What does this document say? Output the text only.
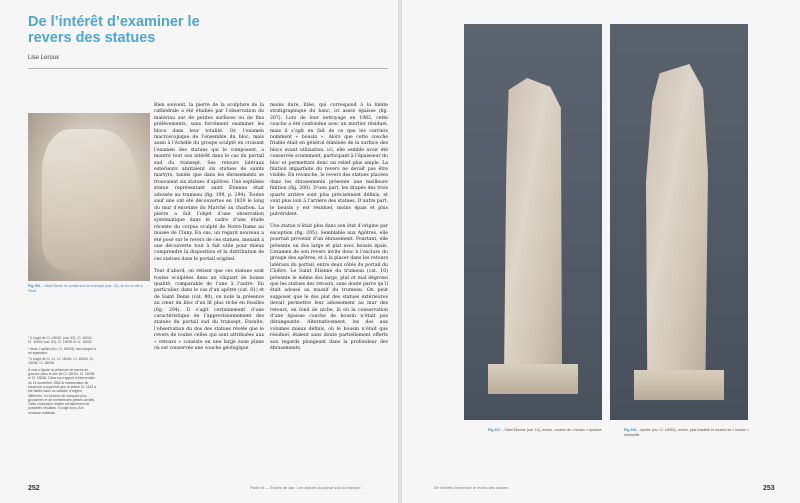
De l’intérêt d’examiner le revers des statues
Lise Leroux
Fig 206 – Saint Denis du portail sud du transept (cat. 10), île de la cité à Paris.

* Il s’agit de Cl. 18040, (cat. 62), Cl. 18041, Cl. 18042 (cat. 63), Cl. 18033 et Cl. 18032.

* Ainsi, l’apôtre (inv. Cl. 18053), est marqué à mi-épaisseur.

* Il s’agit de Cl. 11, Cl. 18044, Cl. 18034, Cl. 18035, Cl. 18036.

À cela s’ajoute la présence de traces de gravure dans le dos de Cl. 18034, Cl. 18035 et Cl. 18036. Dans son rapport d’intervention du 11 novembre 1982 le restaurateur de sculpture a supprimé que la statue Cl. 1133 a été taillée dans un calcaire d’origine différente, en fonction de marques plus grossières et de nombreuses petites cavités. Cette conclusion réalise certainement de possibles résultats. Il s’agit donc d’un nouveau matériau.

Bien souvent, la pierre de la sculpture de la cathédrale a été étudiée par l’observation du matériau sur de petites surfaces ou de fins prélèvements, sans forcément examiner les blocs dans leur totalité. Or, l’examen macroscopique de l’ensemble du bloc, mais aussi à l’échelle du groupe sculpté en croisant l’examen des statues qui le composent, a montré tout son intérêt dans le cas du portail sud du transept. Ses retours latéraux extérieurs abritaient six statues de saints martyrs, tandis que dans les ébrasements se trouvaient six statues d’apôtres. Une septième statue représentant saint Étienne était adossée au trumeau (fig. 199, p. 294). Toutes sauf une ont été découvertes en 1839 le long du mur d’enceinte du Marché au charbon. La pierre a fait l’objet d’une observation systématique dans le cadre d’une étude récente du corpus sculpté de Notre-Dame au musée de Cluny. En sus, un regard nouveau a été posé sur le revers de ces statues, menant à une découverte tout à fait utile pour mieux comprendre la disposition et la distribution de ces statues dans le portail originel.

Tout d’abord, on retient que ces statues sont toutes sculptées dans un cliquart de bonne qualité, comparable de l’une à l’autre. En particulier, dans le cas d’un apôtre (cat. 81) et de Saint Denis (cat. 80), on note la présence au cœur du bloc d’un lit plus riche en fossiles (fig. 204). Il s’agit certainement d’une caractéristique de l’approvisionnement des statues du portail sud du transept. Ensuite, l’observation du dos des statues révèle que le revers de toutes celles qui sont attribuées aux « retours » consiste en une large zone plane où est conservée une couche géologique

moins dure, litée, qui correspond à la limite stratigraphique du banc, ici assez épaisse (fig. 207). Lors de leur nettoyage en 1982, cette couche a été confondue avec un mortier résiduel, mais il s’agit en fait de ce que les carriers nomment « bousin ». Alors que cette couche friable était en général éliminée de la surface des blocs avant utilisation, ici, elle semble avoir été conservée sciemment, participant à l’épaisseur du bloc et permettant donc un relief plus ample. La finition imparfaite du revers ne devait pas être visible. En revanche, le revers des statues placées dans les ébrasements présente une meilleure finition (fig. 208). D’une part, les drapés des trois quarts arrière sont plus précisément définis, et vont plus loin à l’arrière des statues. D’autre part, le bousin y est résiduel, moins épais et plus pulvérulent.

Une statue n’était plus dans son état d’origine par exception (fig. 205). Semblable aux Apôtres, elle pourrait provenir d’un ébrasement. Pourtant, elle présente un dos large et plat avec bousin épais. L’examen de son revers invite donc à l’exclure du groupe des apôtres, et à la placer dans les retours latéraux du portail, entre deux côtés du portail du Cloître. Le Saint Étienne du trumeau (cat. 10) présente le même dos large, plat et mal dégrossi que les statues des retours, sans doute parce qu’il était adossé au massif du trumeau. On peut supposer que le dos plat des statues extérieures devait permettre leur adossement au mur des retours, en fond de niche, là où la conservation d’une épaisse couche de bousin n’était pas dérangeante. Alternativement, les dos aux volumes mieux définis, où le bousin n’était que résiduel, étaient sans doute partiellement offerts aux regards plongeant dans la profondeur des ébrasements.

252	Partie III — Études de cas : Les statues du portail sud du transept
Fig 207 – Saint Étienne (cat. 10), revers, couche de « bousin » épaisse.	Fig 208 – Apôtre (inv. Cl. 18052), revers, plus travaillé et couche de « bousin » résiduelle.
De l’intérêt d’examiner le revers des statues	253
